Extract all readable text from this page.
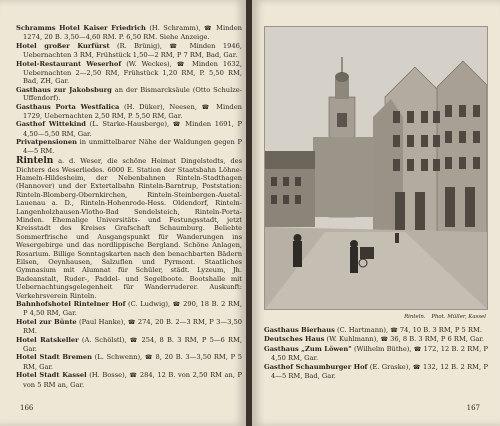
Schramms Hotel Kaiser Friedrich (H. Schramm), ☎ Minden 1274, 20 B. 3,50—4,60 RM. P. 6,50 RM. Siehe Anzeige.

Hotel großer Kurfürst (R. Brünig), ☎ Minden 1946, Uebernachten 3 RM, Frühstück 1,50—2 RM, P 7 RM, Bad, Gar.

Hotel-Restaurant Weserhof (W. Weckes), ☎ Minden 1632, Uebernachten 2—2,50 RM, Frühstück 1,20 RM, P. 5,50 RM, Bad, ZH, Gar.

Gasthaus zur Jakobsburg an der Bismarcksäule (Otto Schulze-Uffendorf).

Gasthaus Porta Westfalica (H. Düker), Neesen, ☎ Minden 1729, Uebernachten 2,50 RM, P. 5,50 RM, Gar.

Gasthof Wittekind (L. Starke-Hausberge), ☎ Minden 1691, P 4,50—5,50 RM, Gar.

Privatpensionen in unmittelbarer Nähe der Waldungen gegen P 4—5 RM.

Rinteln a. d. Weser, die schöne Heimat Dingelstedts, des Dichters des Weserliedes. 6000 E. Station der Staatsbahn Löhne-Hameln-Hildesheim, der Nebenbahnen Rinteln-Stadthagen (Hannover) und der Extertalbahn Rinteln-Barntrup, Poststation: Rinteln-Blomberg-Obernkirchen, Rinteln-Steinbergen-Auetal-Lauenau a. D., Rinteln-Hohenrode-Hess. Oldendorf, Rinteln-Langenholzhausen-Vlotho-Bad Sendelsteich, Rinteln-Porta-Minden. Ehemalige Universitäts- und Festungsstadt, jetzt Kreisstadt des Kreises Grafschaft Schaumburg. Beliebte Sommerfrische und Ausgangspunkt für Wanderungen ins Wesergebirge und das nordlippische Bergland. Schöne Anlagen, Rosarium. Billige Sonntagskarten nach den benachbarten Bädern Eilsen, Oeynhausen, Salzuflen und Pyrmont. Staatliches Gymnasium mit Alumnat für Schüler, städt. Lyzeum, Jh. Badeanstalt, Ruder-, Paddel- und Segelboote. Bootshalle mit Uebernachtungsgelegenheit für Wanderruderer. Auskunft: Verkehrsverein Rinteln.

Bahnhofshotel Rintelner Hof (C. Ludwig), ☎ 290, 18 B. 2 RM, P 4,50 RM, Gar.

Hotel zur Bünte (Paul Hanke), ☎ 274, 20 B. 2—3 RM, P 3—3,50 RM.

Hotel Ratskeller (A. Schölstl), ☎ 254, 8 B. 3 RM, P 5—6 RM, Gar.

Hotel Stadt Bremen (L. Schwenn), ☎ 8, 20 B. 3—3,50 RM, P 5 RM, Gar.

Hotel Stadt Kassel (H. Bosse), ☎ 284, 12 B. von 2,50 RM an, P von 5 RM an, Gar.

166
Rinteln. Phot. Müller, Kassel

Gasthaus Bierhaus (C. Hartmann), ☎ 74, 10 B. 3 RM, P 5 RM.

Deutsches Haus (W. Kuhlmann), ☎ 36, 8 B. 3 RM, P 6 RM, Gar.

Gasthaus „Zum Löwen" (Wilhelm Büthe), ☎ 172, 12 B. 2 RM, P 4,50 RM, Gar.

Gasthof Schaumburger Hof (E. Graske), ☎ 132, 12 B. 2 RM, P 4—5 RM, Bad, Gar.

167
